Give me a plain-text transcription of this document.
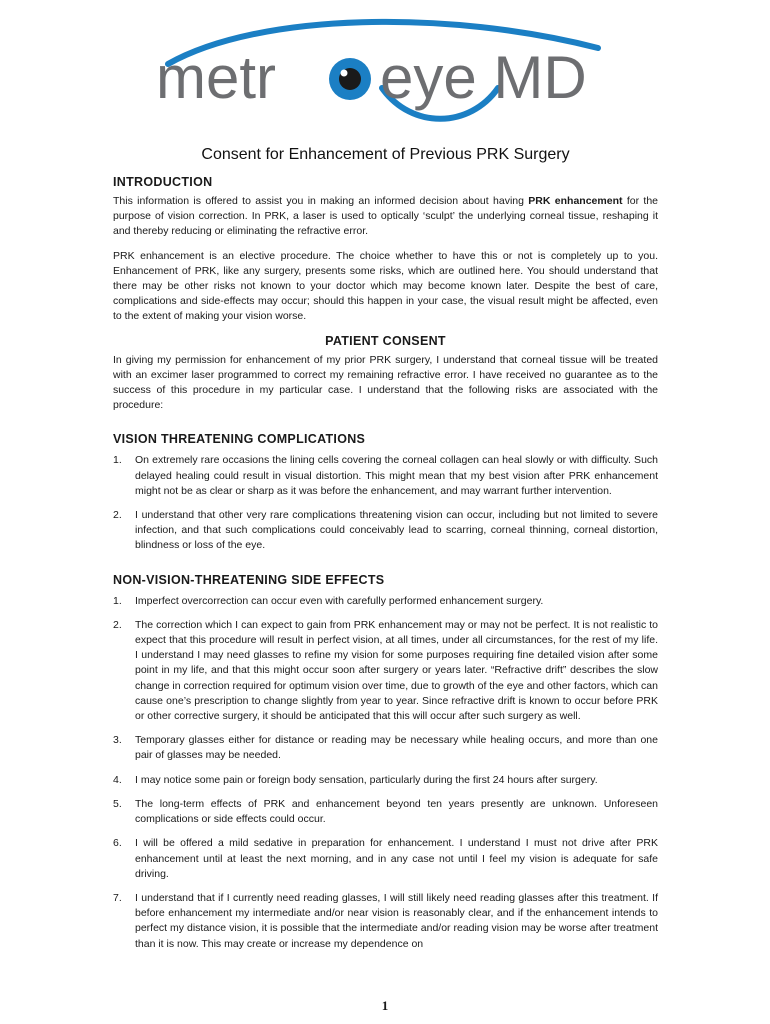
metr eye MD
Consent for Enhancement of Previous PRK Surgery
INTRODUCTION

This information is offered to assist you in making an informed decision about having PRK enhancement for the purpose of vision correction. In PRK, a laser is used to optically ‘sculpt’ the underlying corneal tissue, reshaping it and thereby reducing or eliminating the refractive error.

PRK enhancement is an elective procedure. The choice whether to have this or not is completely up to you. Enhancement of PRK, like any surgery, presents some risks, which are outlined here. You should understand that there may be other risks not known to your doctor which may become known later. Despite the best of care, complications and side-effects may occur; should this happen in your case, the visual result might be affected, even to the extent of making your vision worse.

PATIENT CONSENT

In giving my permission for enhancement of my prior PRK surgery, I understand that corneal tissue will be treated with an excimer laser programmed to correct my remaining refractive error. I have received no guarantee as to the success of this procedure in my particular case. I understand that the following risks are associated with the procedure:

VISION THREATENING COMPLICATIONS
1.	On extremely rare occasions the lining cells covering the corneal collagen can heal slowly or with difficulty. Such delayed healing could result in visual distortion. This might mean that my best vision after PRK enhancement might not be as clear or sharp as it was before the enhancement, and may warrant further intervention.
2.	I understand that other very rare complications threatening vision can occur, including but not limited to severe infection, and that such complications could conceivably lead to scarring, corneal thinning, corneal distortion, blindness or loss of the eye.
NON-VISION-THREATENING SIDE EFFECTS
1.	Imperfect overcorrection can occur even with carefully performed enhancement surgery.
2.	The correction which I can expect to gain from PRK enhancement may or may not be perfect. It is not realistic to expect that this procedure will result in perfect vision, at all times, under all circumstances, for the rest of my life. I understand I may need glasses to refine my vision for some purposes requiring fine detailed vision after some point in my life, and that this might occur soon after surgery or years later. “Refractive drift” describes the slow change in correction required for optimum vision over time, due to growth of the eye and other factors, which can cause one’s prescription to change slightly from year to year. Since refractive drift is known to occur before PRK or other corrective surgery, it should be anticipated that this will occur after such surgery as well.
3.	Temporary glasses either for distance or reading may be necessary while healing occurs, and more than one pair of glasses may be needed.
4.	I may notice some pain or foreign body sensation, particularly during the first 24 hours after surgery.
5.	The long-term effects of PRK and enhancement beyond ten years presently are unknown. Unforeseen complications or side effects could occur.
6.	I will be offered a mild sedative in preparation for enhancement. I understand I must not drive after PRK enhancement until at least the next morning, and in any case not until I feel my vision is adequate for safe driving.
7.	I understand that if I currently need reading glasses, I will still likely need reading glasses after this treatment. If before enhancement my intermediate and/or near vision is reasonably clear, and if the enhancement intends to perfect my distance vision, it is possible that the intermediate and/or reading vision may be worse after treatment than it is now. This may create or increase my dependence on
1
